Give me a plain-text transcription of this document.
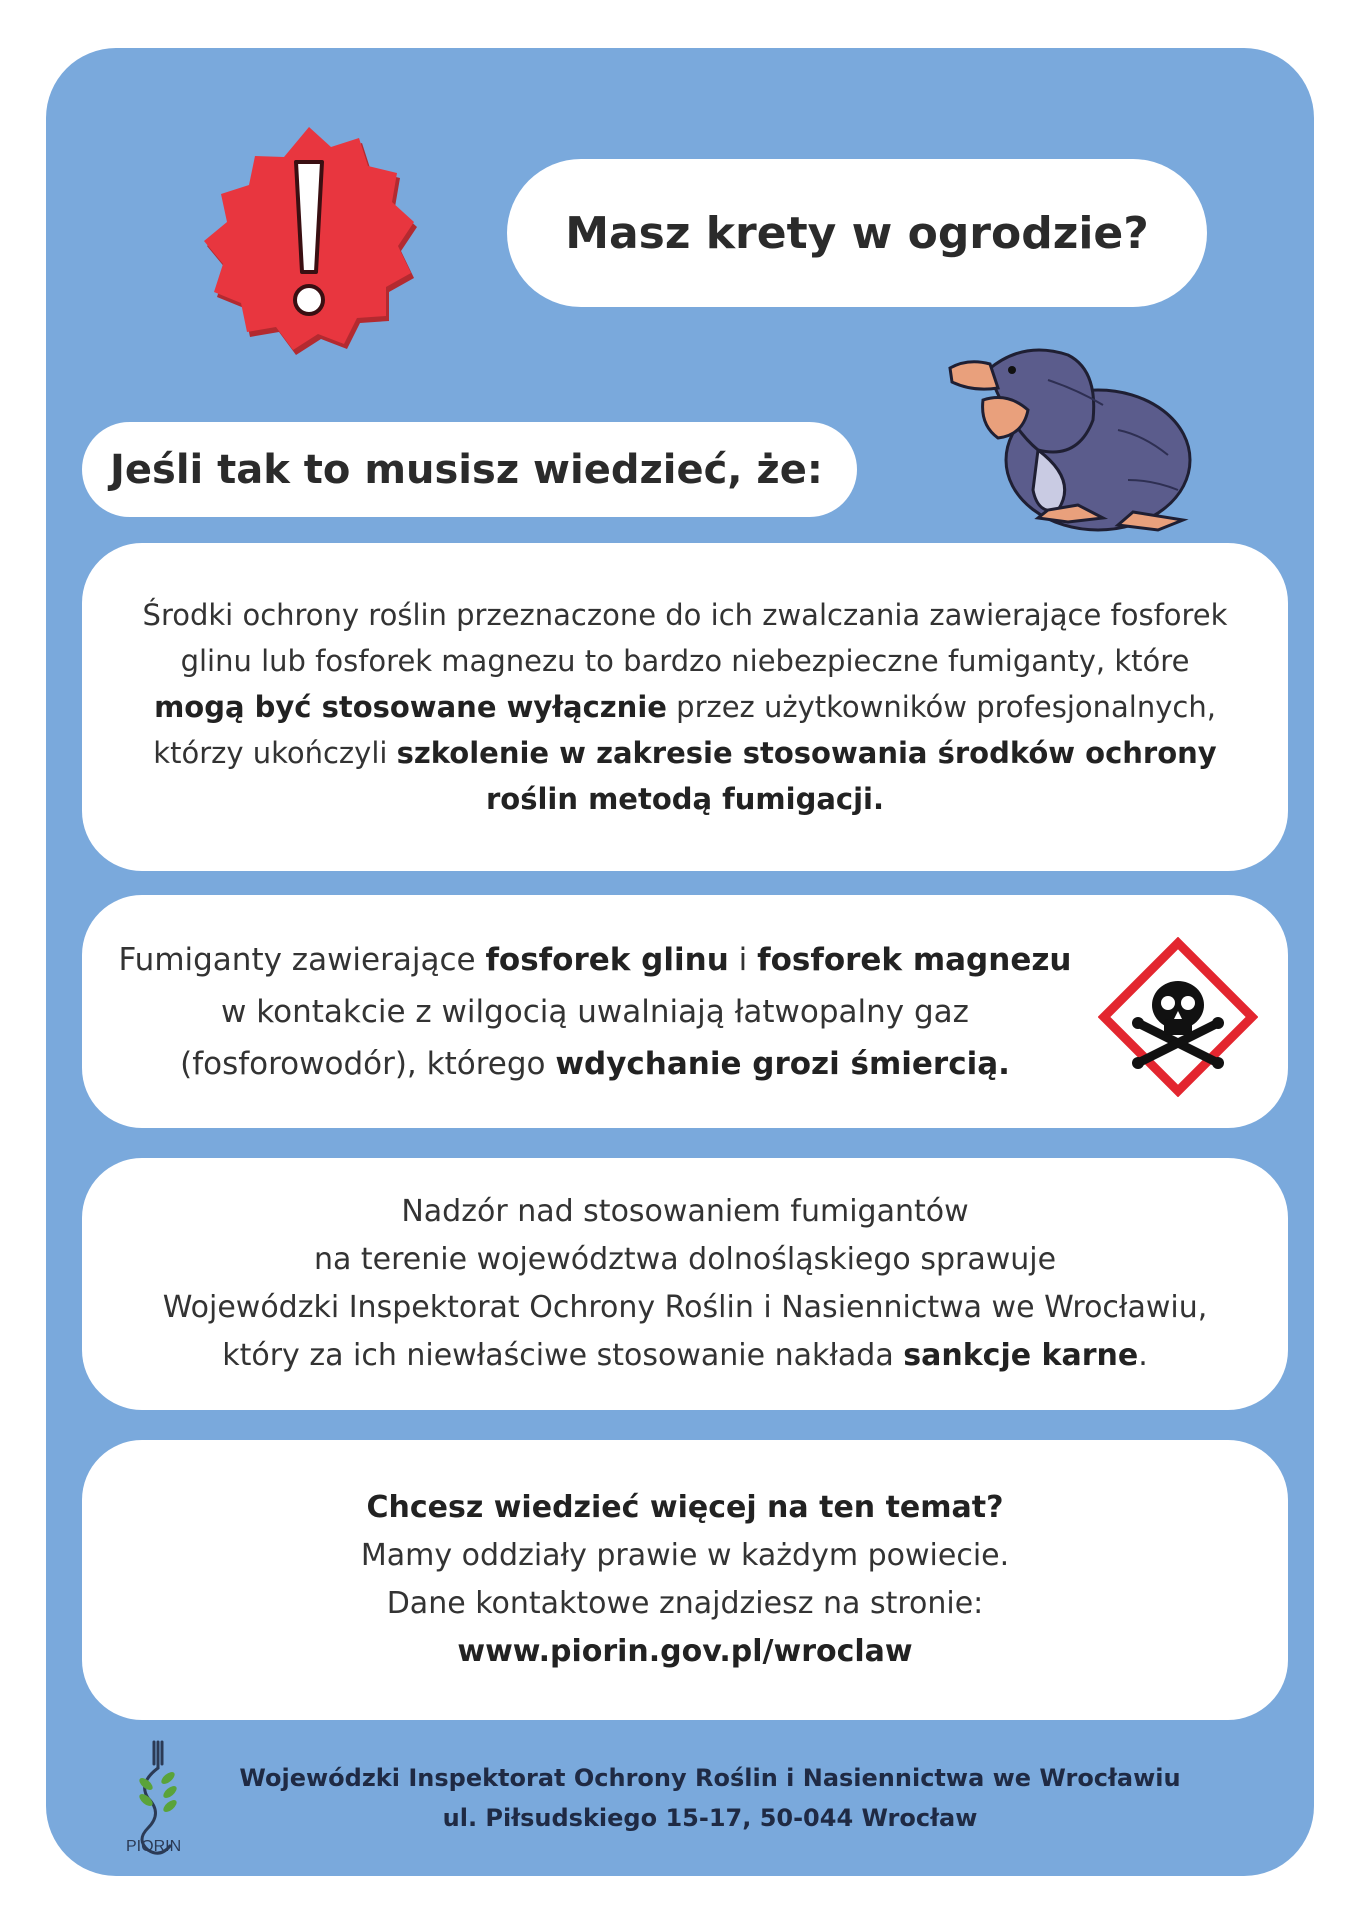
Masz krety w ogrodzie?
Jeśli tak to musisz wiedzieć, że:
Środki ochrony roślin przeznaczone do ich zwalczania zawierające fosforek
glinu lub fosforek magnezu to bardzo niebezpieczne fumiganty, które
mogą być stosowane wyłącznie przez użytkowników profesjonalnych,
którzy ukończyli szkolenie w zakresie stosowania środków ochrony
roślin metodą fumigacji.
Fumiganty zawierające fosforek glinu i fosforek magnezu
w kontakcie z wilgocią uwalniają łatwopalny gaz
(fosforowodór), którego wdychanie grozi śmiercią.
Nadzór nad stosowaniem fumigantów
na terenie województwa dolnośląskiego sprawuje
Wojewódzki Inspektorat Ochrony Roślin i Nasiennictwa we Wrocławiu,
który za ich niewłaściwe stosowanie nakłada sankcje karne.
Chcesz wiedzieć więcej na ten temat?
Mamy oddziały prawie w każdym powiecie.
Dane kontaktowe znajdziesz na stronie:
www.piorin.gov.pl/wroclaw
PIORIN
Wojewódzki Inspektorat Ochrony Roślin i Nasiennictwa we Wrocławiu
ul. Piłsudskiego 15-17, 50-044 Wrocław
